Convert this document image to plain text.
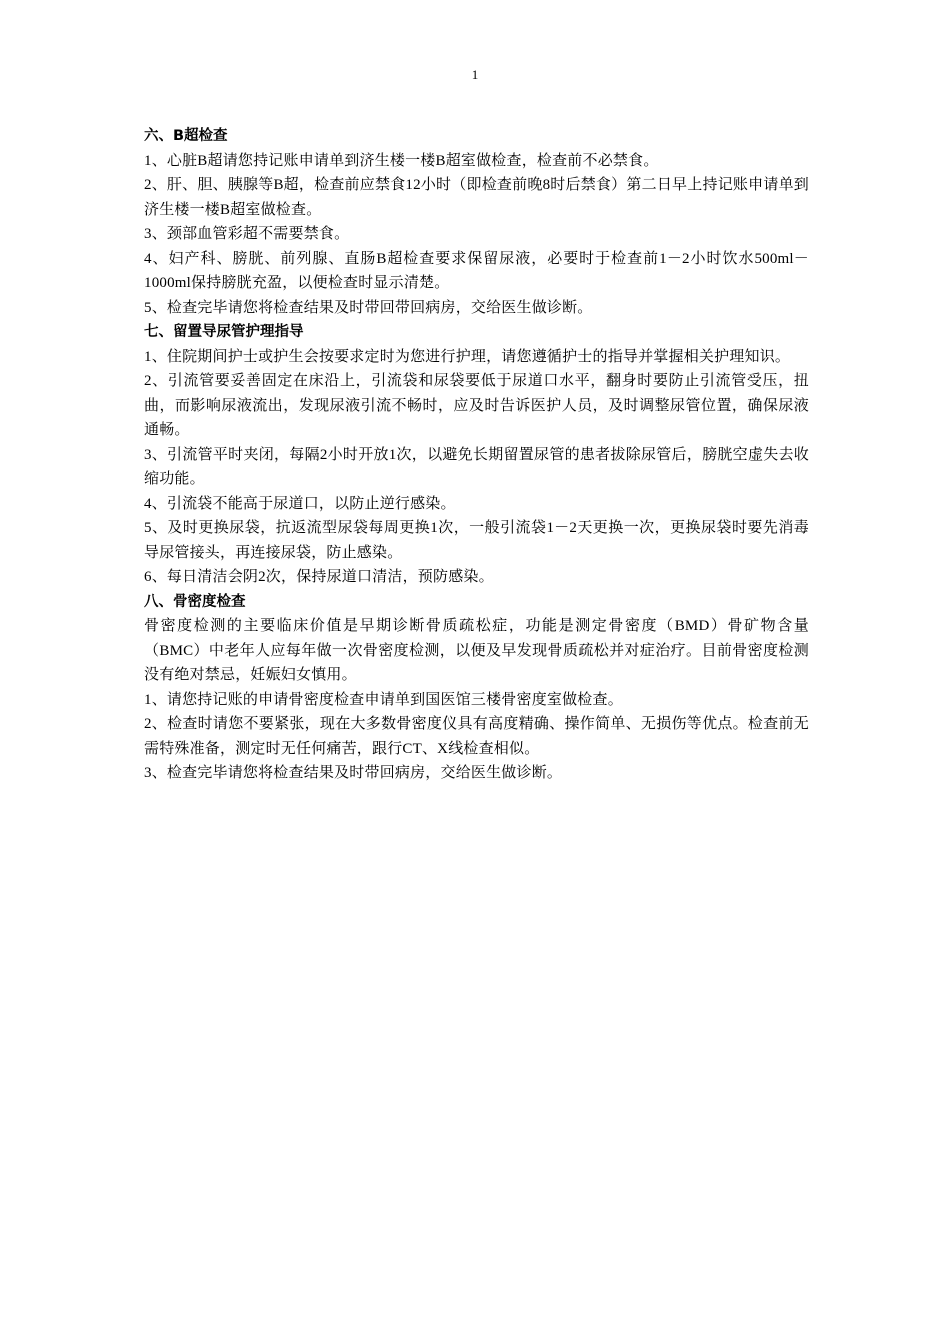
1

六、B超检查

1、心脏B超请您持记账申请单到济生楼一楼B超室做检查，检查前不必禁食。

2、肝、胆、胰腺等B超，检查前应禁食12小时（即检查前晚8时后禁食）第二日早上持记账申请单到济生楼一楼B超室做检查。

3、颈部血管彩超不需要禁食。

4、妇产科、膀胱、前列腺、直肠B超检查要求保留尿液，必要时于检查前1－2小时饮水500ml－1000ml保持膀胱充盈，以便检查时显示清楚。

5、检查完毕请您将检查结果及时带回带回病房，交给医生做诊断。

七、留置导尿管护理指导

1、住院期间护士或护生会按要求定时为您进行护理，请您遵循护士的指导并掌握相关护理知识。

2、引流管要妥善固定在床沿上，引流袋和尿袋要低于尿道口水平，翻身时要防止引流管受压，扭曲，而影响尿液流出，发现尿液引流不畅时，应及时告诉医护人员，及时调整尿管位置，确保尿液通畅。

3、引流管平时夹闭，每隔2小时开放1次，以避免长期留置尿管的患者拔除尿管后，膀胱空虚失去收缩功能。

4、引流袋不能高于尿道口，以防止逆行感染。

5、及时更换尿袋，抗返流型尿袋每周更换1次，一般引流袋1－2天更换一次，更换尿袋时要先消毒导尿管接头，再连接尿袋，防止感染。

6、每日清洁会阴2次，保持尿道口清洁，预防感染。

八、骨密度检查

骨密度检测的主要临床价值是早期诊断骨质疏松症，功能是测定骨密度（BMD）骨矿物含量（BMC）中老年人应每年做一次骨密度检测，以便及早发现骨质疏松并对症治疗。目前骨密度检测没有绝对禁忌，妊娠妇女慎用。

1、请您持记账的申请骨密度检查申请单到国医馆三楼骨密度室做检查。

2、检查时请您不要紧张，现在大多数骨密度仪具有高度精确、操作简单、无损伤等优点。检查前无需特殊准备，测定时无任何痛苦，跟行CT、X线检查相似。

3、检查完毕请您将检查结果及时带回病房，交给医生做诊断。
